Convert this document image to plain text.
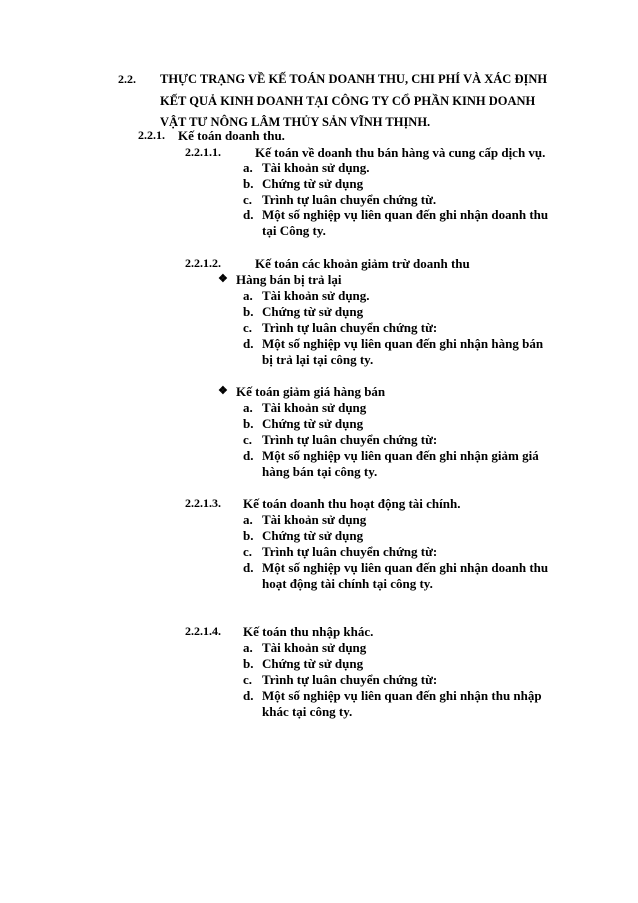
2.2. THỰC TRẠNG VỀ KẾ TOÁN DOANH THU, CHI PHÍ VÀ XÁC ĐỊNH
KẾT QUẢ KINH DOANH TẠI CÔNG TY CỔ PHẦN KINH DOANH
VẬT TƯ NÔNG LÂM THỦY SẢN VĨNH THỊNH.
2.2.1. Kế toán doanh thu.
2.2.1.1.	Kế toán về doanh thu bán hàng và cung cấp dịch vụ.
a. Tài khoản sử dụng.
b. Chứng từ sử dụng
c. Trình tự luân chuyển chứng từ.
d. Một số nghiệp vụ liên quan đến ghi nhận doanh thu
tại Công ty.
2.2.1.2.	Kế toán các khoản giảm trừ doanh thu
❖ Hàng bán bị trả lại
a. Tài khoản sử dụng.
b. Chứng từ sử dụng
c. Trình tự luân chuyển chứng từ:
d. Một số nghiệp vụ liên quan đến ghi nhận hàng bán
bị trả lại tại công ty.
❖ Kế toán giảm giá hàng bán
a. Tài khoản sử dụng
b. Chứng từ sử dụng
c. Trình tự luân chuyển chứng từ:
d. Một số nghiệp vụ liên quan đến ghi nhận giảm giá
hàng bán tại công ty.
2.2.1.3. Kế toán doanh thu hoạt động tài chính.
a. Tài khoản sử dụng
b. Chứng từ sử dụng
c. Trình tự luân chuyển chứng từ:
d. Một số nghiệp vụ liên quan đến ghi nhận doanh thu
hoạt động tài chính tại công ty.
2.2.1.4. Kế toán thu nhập khác.
a. Tài khoản sử dụng
b. Chứng từ sử dụng
c. Trình tự luân chuyển chứng từ:
d. Một số nghiệp vụ liên quan đến ghi nhận thu nhập
khác tại công ty.
